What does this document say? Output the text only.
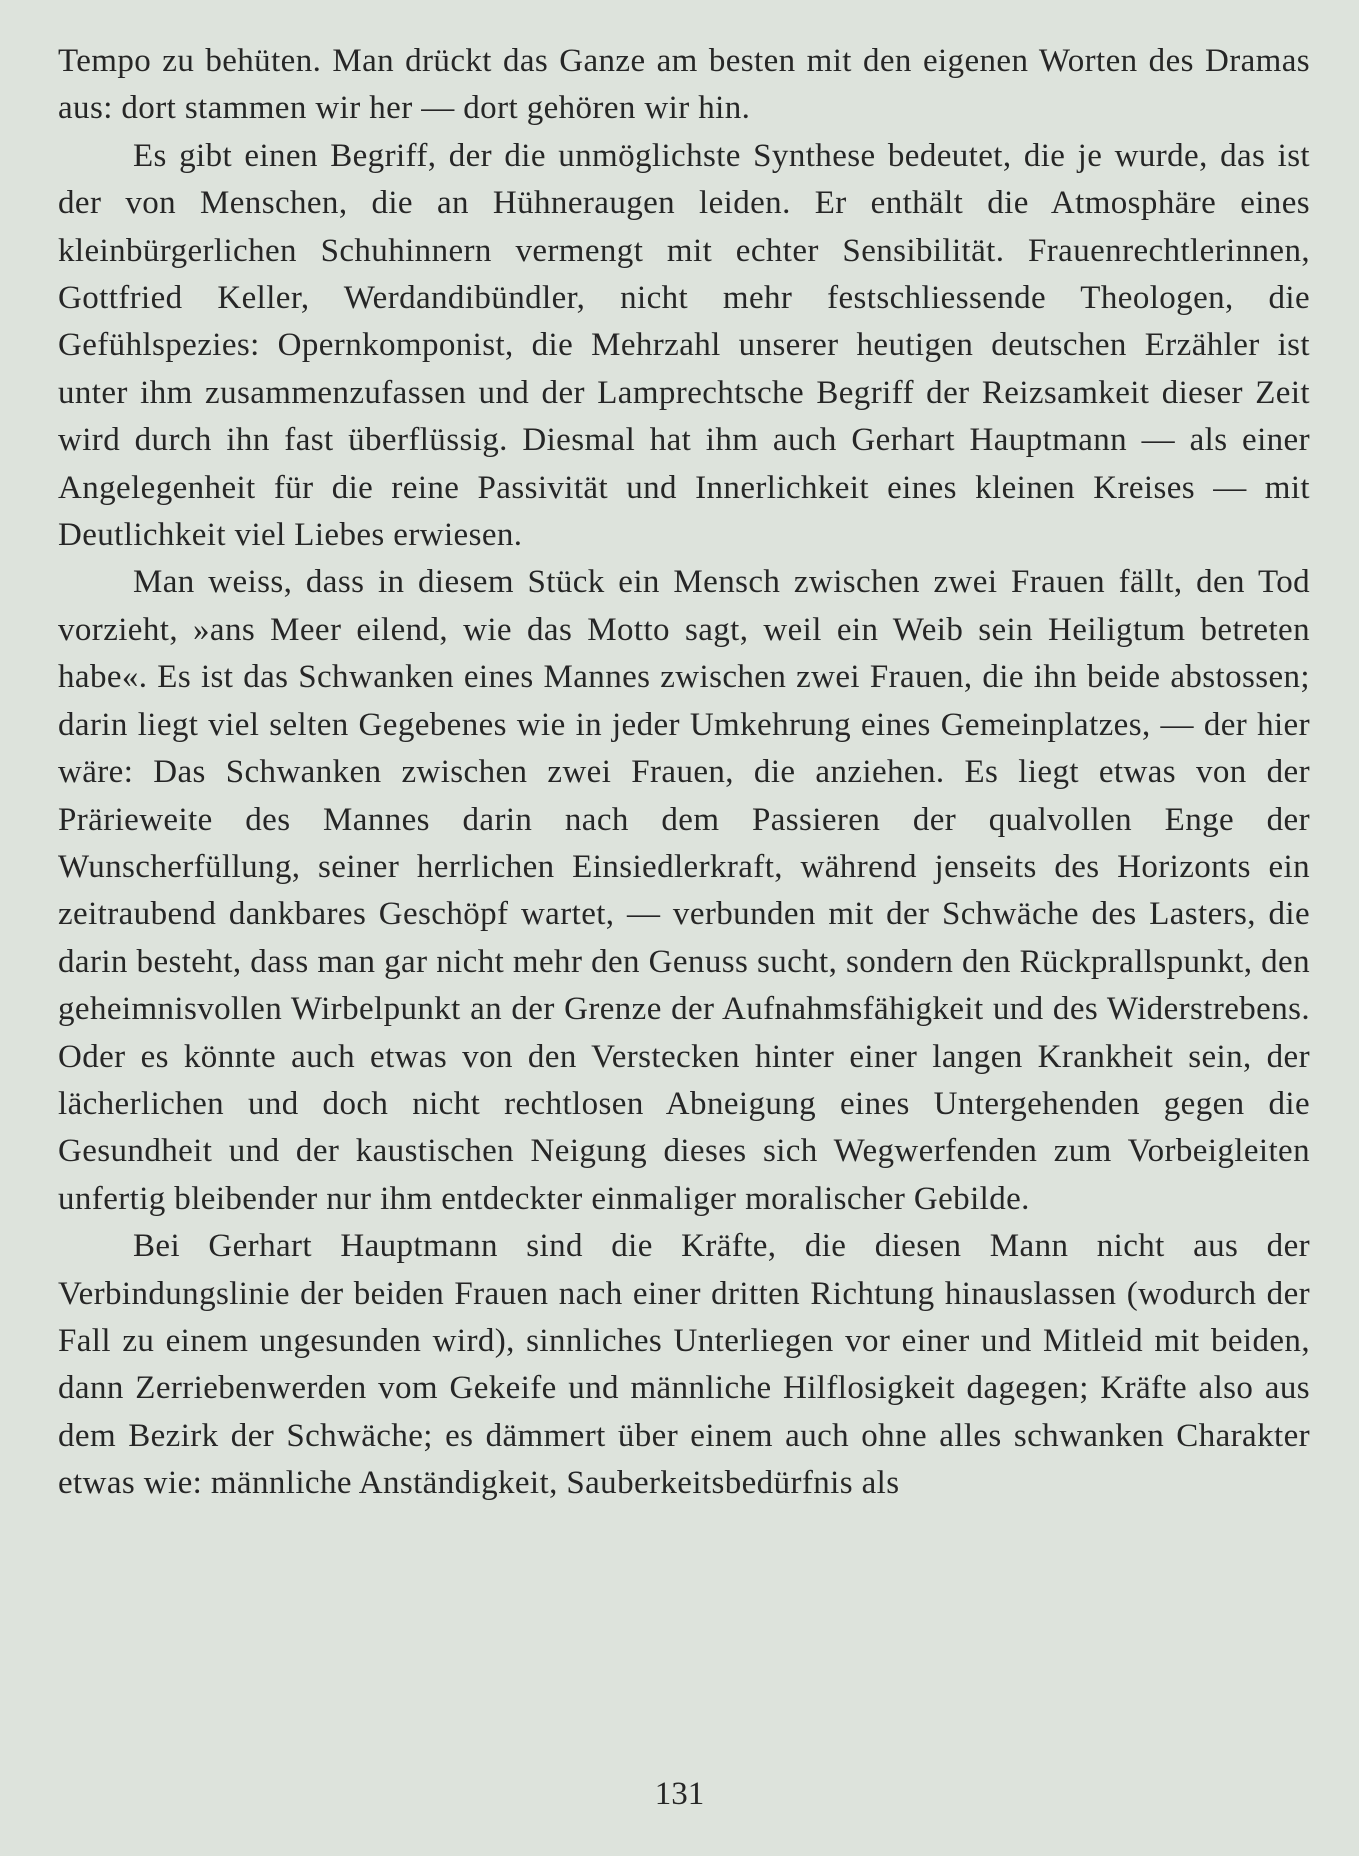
Tempo zu behüten. Man drückt das Ganze am besten mit den eigenen Worten des Dramas aus: dort stammen wir her — dort gehören wir hin.

Es gibt einen Begriff, der die unmöglichste Synthese bedeutet, die je wurde, das ist der von Menschen, die an Hühneraugen leiden. Er enthält die Atmosphäre eines kleinbürgerlichen Schuhinnern vermengt mit echter Sensibilität. Frauenrechtlerinnen, Gottfried Keller, Werdandibündler, nicht mehr festschliessende Theologen, die Gefühlspezies: Opernkomponist, die Mehrzahl unserer heutigen deutschen Erzähler ist unter ihm zusammenzufassen und der Lamprechtsche Begriff der Reizsamkeit dieser Zeit wird durch ihn fast überflüssig. Diesmal hat ihm auch Gerhart Hauptmann — als einer Angelegenheit für die reine Passivität und Innerlichkeit eines kleinen Kreises — mit Deutlichkeit viel Liebes erwiesen.

Man weiss, dass in diesem Stück ein Mensch zwischen zwei Frauen fällt, den Tod vorzieht, »ans Meer eilend, wie das Motto sagt, weil ein Weib sein Heiligtum betreten habe«. Es ist das Schwanken eines Mannes zwischen zwei Frauen, die ihn beide abstossen; darin liegt viel selten Gegebenes wie in jeder Umkehrung eines Gemeinplatzes, — der hier wäre: Das Schwanken zwischen zwei Frauen, die anziehen. Es liegt etwas von der Prärieweite des Mannes darin nach dem Passieren der qualvollen Enge der Wunscherfüllung, seiner herrlichen Einsiedlerkraft, während jenseits des Horizonts ein zeitraubend dankbares Geschöpf wartet, — verbunden mit der Schwäche des Lasters, die darin besteht, dass man gar nicht mehr den Genuss sucht, sondern den Rückprallspunkt, den geheimnisvollen Wirbelpunkt an der Grenze der Aufnahmsfähigkeit und des Widerstrebens. Oder es könnte auch etwas von den Verstecken hinter einer langen Krankheit sein, der lächerlichen und doch nicht rechtlosen Abneigung eines Untergehenden gegen die Gesundheit und der kaustischen Neigung dieses sich Wegwerfenden zum Vorbeigleiten unfertig bleibender nur ihm entdeckter einmaliger moralischer Gebilde.

Bei Gerhart Hauptmann sind die Kräfte, die diesen Mann nicht aus der Verbindungslinie der beiden Frauen nach einer dritten Richtung hinauslassen (wodurch der Fall zu einem ungesunden wird), sinnliches Unterliegen vor einer und Mitleid mit beiden, dann Zerriebenwerden vom Gekeife und männliche Hilflosigkeit dagegen; Kräfte also aus dem Bezirk der Schwäche; es dämmert über einem auch ohne alles schwanken Charakter etwas wie: männliche Anständigkeit, Sauberkeitsbedürfnis als

131
